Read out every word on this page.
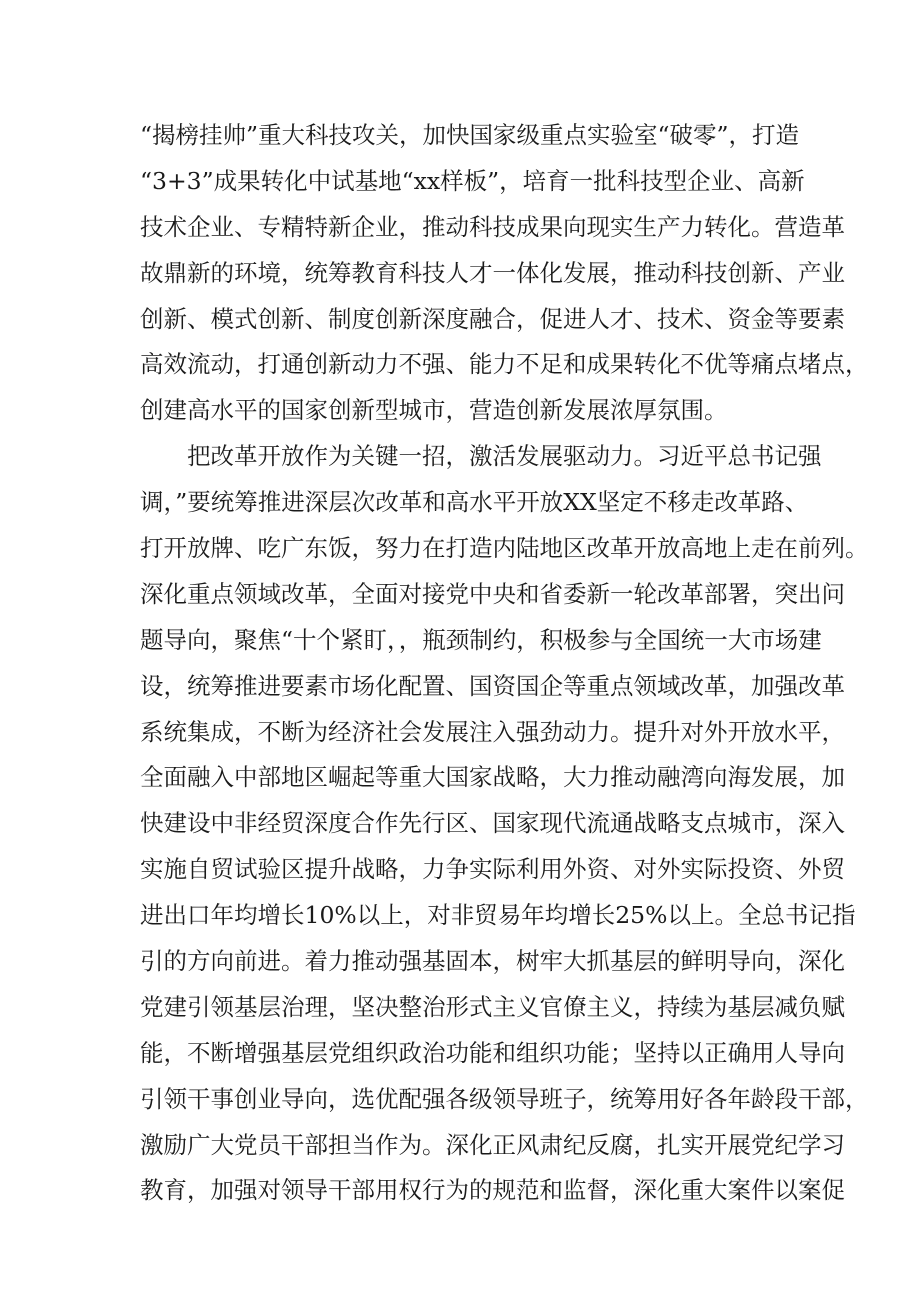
“揭榜挂帅”重大科技攻关，加快国家级重点实验室“破零”，打造
“3+3”成果转化中试基地“xx样板”，培育一批科技型企业、高新
技术企业、专精特新企业，推动科技成果向现实生产力转化。营造革
故鼎新的环境，统筹教育科技人才一体化发展，推动科技创新、产业
创新、模式创新、制度创新深度融合，促进人才、技术、资金等要素
高效流动，打通创新动力不强、能力不足和成果转化不优等痛点堵点，
创建高水平的国家创新型城市，营造创新发展浓厚氛围。
把改革开放作为关键一招，激活发展驱动力。习近平总书记强
调，”要统筹推进深层次改革和高水平开放XX坚定不移走改革路、
打开放牌、吃广东饭，努力在打造内陆地区改革开放高地上走在前列。
深化重点领域改革，全面对接党中央和省委新一轮改革部署，突出问
题导向，聚焦“十个紧盯，，瓶颈制约，积极参与全国统一大市场建
设，统筹推进要素市场化配置、国资国企等重点领域改革，加强改革
系统集成，不断为经济社会发展注入强劲动力。提升对外开放水平，
全面融入中部地区崛起等重大国家战略，大力推动融湾向海发展，加
快建设中非经贸深度合作先行区、国家现代流通战略支点城市，深入
实施自贸试验区提升战略，力争实际利用外资、对外实际投资、外贸
进出口年均增长10%以上，对非贸易年均增长25%以上。全总书记指
引的方向前进。着力推动强基固本，树牢大抓基层的鲜明导向，深化
党建引领基层治理，坚决整治形式主义官僚主义，持续为基层减负赋
能，不断增强基层党组织政治功能和组织功能；坚持以正确用人导向
引领干事创业导向，选优配强各级领导班子，统筹用好各年龄段干部，
激励广大党员干部担当作为。深化正风肃纪反腐，扎实开展党纪学习
教育，加强对领导干部用权行为的规范和监督，深化重大案件以案促
